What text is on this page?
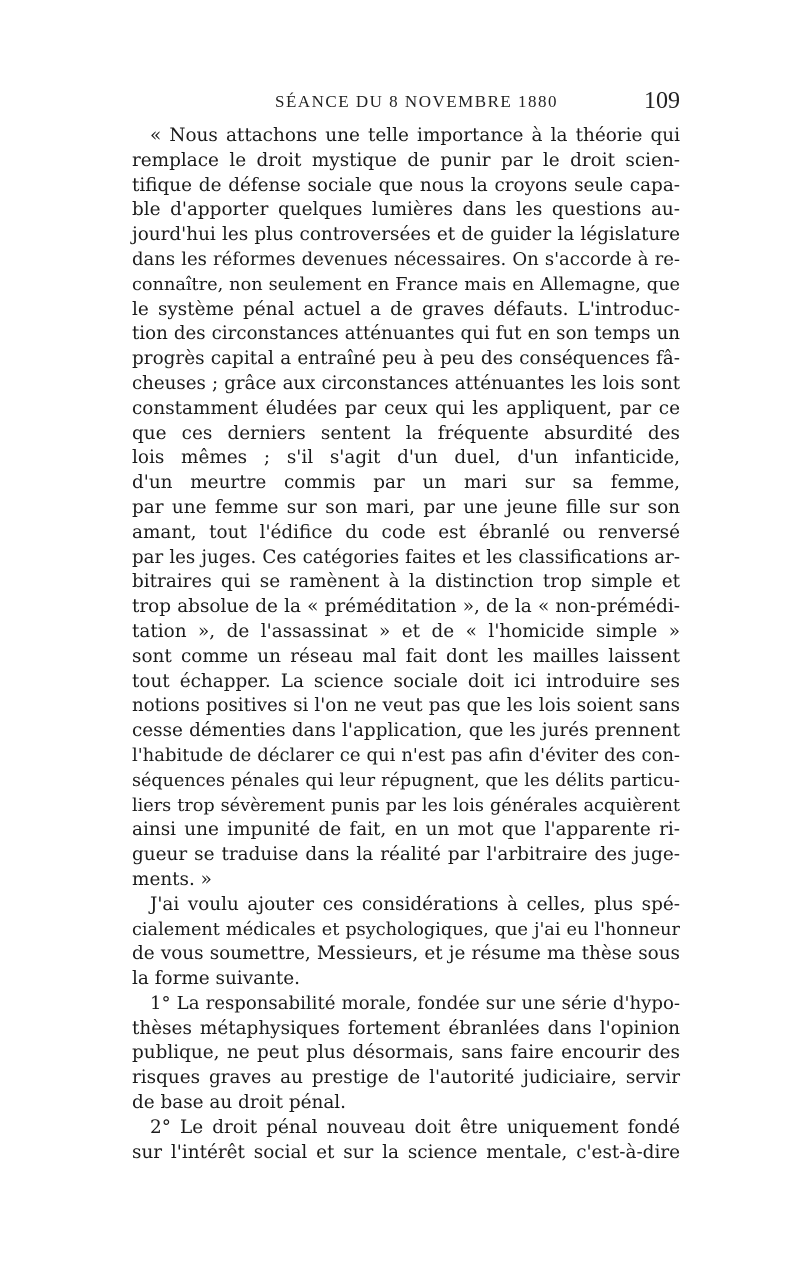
SÉANCE DU 8 NOVEMBRE 1880	109
« Nous attachons une telle importance à la théorie qui
remplace le droit mystique de punir par le droit scien-
tifique de défense sociale que nous la croyons seule capa-
ble d'apporter quelques lumières dans les questions au-
jourd'hui les plus controversées et de guider la législature
dans les réformes devenues nécessaires. On s'accorde à re-
connaître, non seulement en France mais en Allemagne, que
le système pénal actuel a de graves défauts. L'introduc-
tion des circonstances atténuantes qui fut en son temps un
progrès capital a entraîné peu à peu des conséquences fâ-
cheuses ; grâce aux circonstances atténuantes les lois sont
constamment éludées par ceux qui les appliquent, par ce
que ces derniers sentent la fréquente absurdité des
lois mêmes ; s'il s'agit d'un duel, d'un infanticide,
d'un meurtre commis par un mari sur sa femme,
par une femme sur son mari, par une jeune fille sur son
amant, tout l'édifice du code est ébranlé ou renversé
par les juges. Ces catégories faites et les classifications ar-
bitraires qui se ramènent à la distinction trop simple et
trop absolue de la « préméditation », de la « non-prémédi-
tation », de l'assassinat » et de « l'homicide simple »
sont comme un réseau mal fait dont les mailles laissent
tout échapper. La science sociale doit ici introduire ses
notions positives si l'on ne veut pas que les lois soient sans
cesse démenties dans l'application, que les jurés prennent
l'habitude de déclarer ce qui n'est pas afin d'éviter des con-
séquences pénales qui leur répugnent, que les délits particu-
liers trop sévèrement punis par les lois générales acquièrent
ainsi une impunité de fait, en un mot que l'apparente ri-
gueur se traduise dans la réalité par l'arbitraire des juge-
ments. »
J'ai voulu ajouter ces considérations à celles, plus spé-
cialement médicales et psychologiques, que j'ai eu l'honneur
de vous soumettre, Messieurs, et je résume ma thèse sous
la forme suivante.
1° La responsabilité morale, fondée sur une série d'hypo-
thèses métaphysiques fortement ébranlées dans l'opinion
publique, ne peut plus désormais, sans faire encourir des
risques graves au prestige de l'autorité judiciaire, servir
de base au droit pénal.
2° Le droit pénal nouveau doit être uniquement fondé
sur l'intérêt social et sur la science mentale, c'est-à-dire
